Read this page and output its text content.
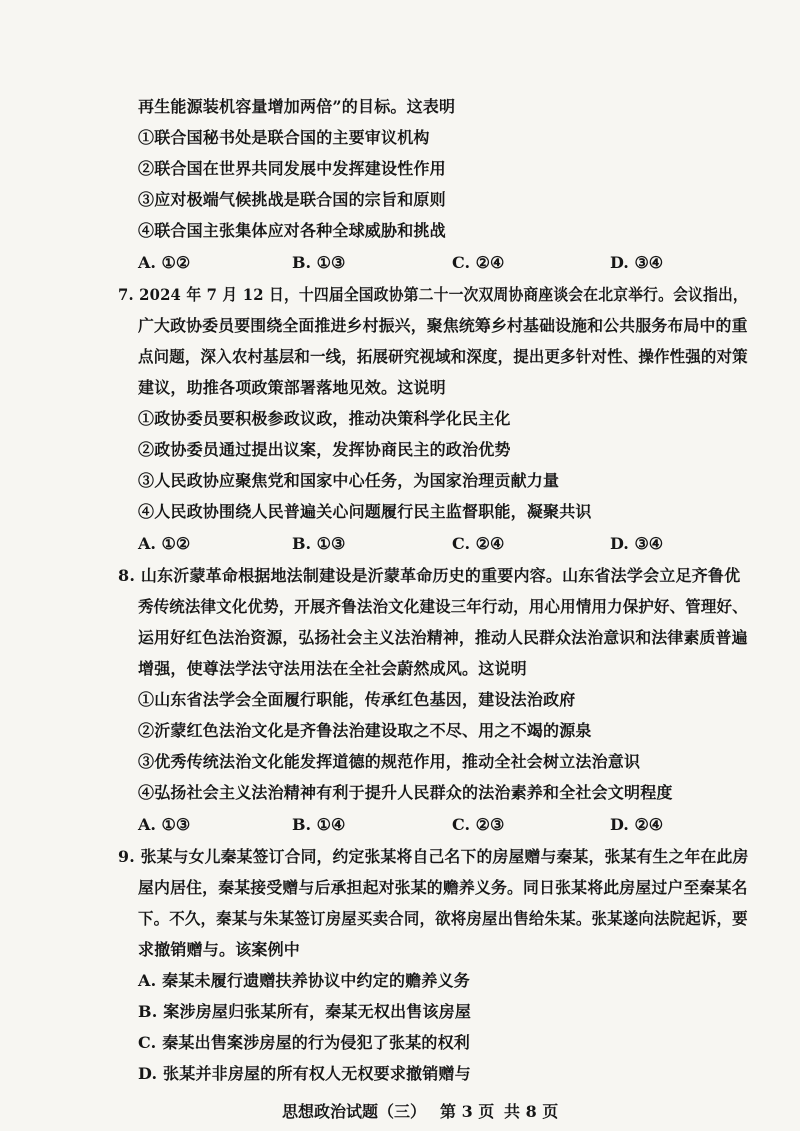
再生能源装机容量增加两倍”的目标。这表明
①联合国秘书处是联合国的主要审议机构
②联合国在世界共同发展中发挥建设性作用
③应对极端气候挑战是联合国的宗旨和原则
④联合国主张集体应对各种全球威胁和挑战
A. ①②	B. ①③	C. ②④	D. ③④
7. 2024 年 7 月 12 日，十四届全国政协第二十一次双周协商座谈会在北京举行。会议指出，
广大政协委员要围绕全面推进乡村振兴，聚焦统筹乡村基础设施和公共服务布局中的重
点问题，深入农村基层和一线，拓展研究视域和深度，提出更多针对性、操作性强的对策
建议，助推各项政策部署落地见效。这说明
①政协委员要积极参政议政，推动决策科学化民主化
②政协委员通过提出议案，发挥协商民主的政治优势
③人民政协应聚焦党和国家中心任务，为国家治理贡献力量
④人民政协围绕人民普遍关心问题履行民主监督职能，凝聚共识
A. ①②	B. ①③	C. ②④	D. ③④
8. 山东沂蒙革命根据地法制建设是沂蒙革命历史的重要内容。山东省法学会立足齐鲁优
秀传统法律文化优势，开展齐鲁法治文化建设三年行动，用心用情用力保护好、管理好、
运用好红色法治资源，弘扬社会主义法治精神，推动人民群众法治意识和法律素质普遍
增强，使尊法学法守法用法在全社会蔚然成风。这说明
①山东省法学会全面履行职能，传承红色基因，建设法治政府
②沂蒙红色法治文化是齐鲁法治建设取之不尽、用之不竭的源泉
③优秀传统法治文化能发挥道德的规范作用，推动全社会树立法治意识
④弘扬社会主义法治精神有利于提升人民群众的法治素养和全社会文明程度
A. ①③	B. ①④	C. ②③	D. ②④
9. 张某与女儿秦某签订合同，约定张某将自己名下的房屋赠与秦某，张某有生之年在此房
屋内居住，秦某接受赠与后承担起对张某的赡养义务。同日张某将此房屋过户至秦某名
下。不久，秦某与朱某签订房屋买卖合同，欲将房屋出售给朱某。张某遂向法院起诉，要
求撤销赠与。该案例中
A. 秦某未履行遗赠扶养协议中约定的赡养义务
B. 案涉房屋归张某所有，秦某无权出售该房屋
C. 秦某出售案涉房屋的行为侵犯了张某的权利
D. 张某并非房屋的所有权人无权要求撤销赠与
思想政治试题（三） 第 3 页 共 8 页
